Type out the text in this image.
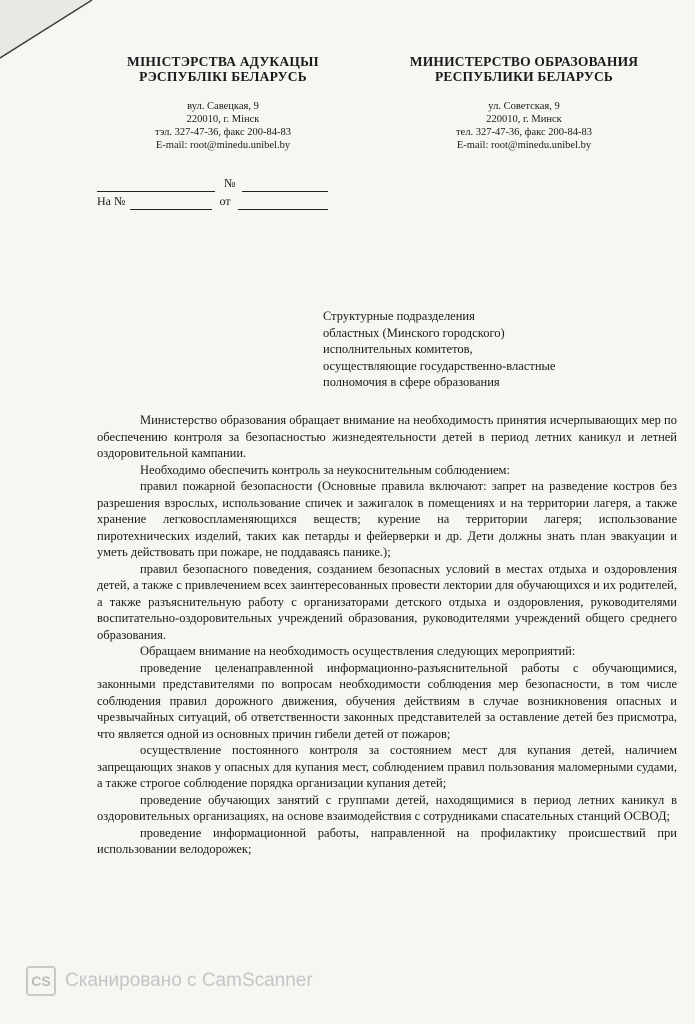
МІНІСТЭРСТВА АДУКАЦЫІ
РЭСПУБЛІКІ БЕЛАРУСЬ
вул. Савецкая, 9
220010, г. Мінск
тэл. 327-47-36, факс 200-84-83
E-mail: root@minedu.unibel.by
МИНИСТЕРСТВО ОБРАЗОВАНИЯ
РЕСПУБЛИКИ БЕЛАРУСЬ
ул. Советская, 9
220010, г. Минск
тел. 327-47-36, факс 200-84-83
E-mail: root@minedu.unibel.by
№
На №	от
Структурные подразделения
областных (Минского городского)
исполнительных комитетов,
осуществляющие государственно-властные
полномочия в сфере образования

Министерство образования обращает внимание на необходимость принятия исчерпывающих мер по обеспечению контроля за безопасностью жизнедеятельности детей в период летних каникул и летней оздоровительной кампании.

Необходимо обеспечить контроль за неукоснительным соблюдением:

правил пожарной безопасности (Основные правила включают: запрет на разведение костров без разрешения взрослых, использование спичек и зажигалок в помещениях и на территории лагеря, а также хранение легковоспламеняющихся веществ; курение на территории лагеря; использование пиротехнических изделий, таких как петарды и фейерверки и др. Дети должны знать план эвакуации и уметь действовать при пожаре, не поддаваясь панике.);

правил безопасного поведения, созданием безопасных условий в местах отдыха и оздоровления детей, а также с привлечением всех заинтересованных провести лектории для обучающихся и их родителей, а также разъяснительную работу с организаторами детского отдыха и оздоровления, руководителями воспитательно-оздоровительных учреждений образования, руководителями учреждений общего среднего образования.

Обращаем внимание на необходимость осуществления следующих мероприятий:

проведение целенаправленной информационно-разъяснительной работы с обучающимися, законными представителями по вопросам необходимости соблюдения мер безопасности, в том числе соблюдения правил дорожного движения, обучения действиям в случае возникновения опасных и чрезвычайных ситуаций, об ответственности законных представителей за оставление детей без присмотра, что является одной из основных причин гибели детей от пожаров;

осуществление постоянного контроля за состоянием мест для купания детей, наличием запрещающих знаков у опасных для купания мест, соблюдением правил пользования маломерными судами, а также строгое соблюдение порядка организации купания детей;

проведение обучающих занятий с группами детей, находящимися в период летних каникул в оздоровительных организациях, на основе взаимодействия с сотрудниками спасательных станций ОСВОД;

проведение информационной работы, направленной на профилактику происшествий при использовании велодорожек;

CS Сканировано с CamScanner
